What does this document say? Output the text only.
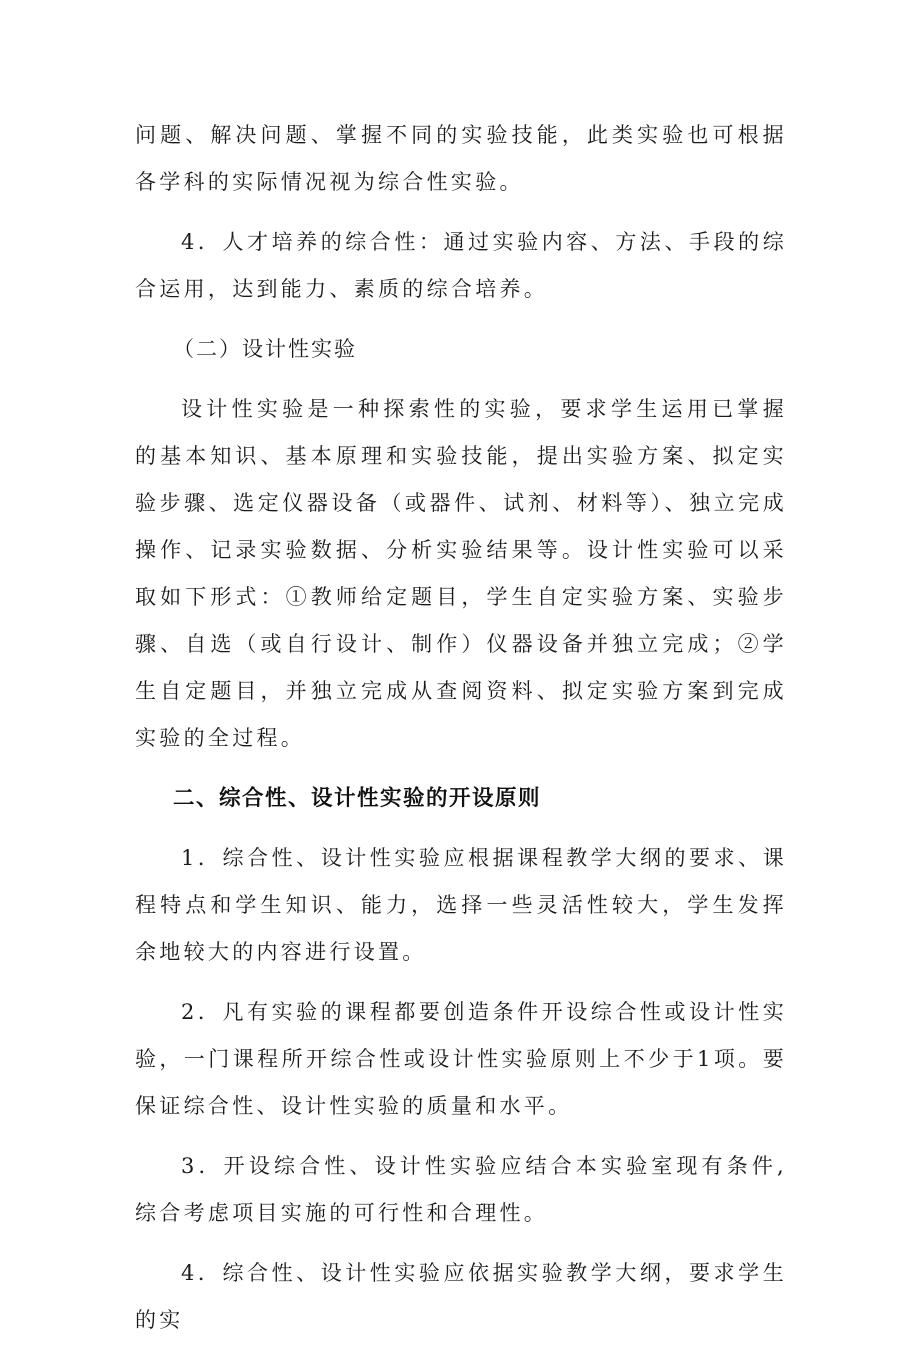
问题、解决问题、掌握不同的实验技能，此类实验也可根据各学科的实际情况视为综合性实验。

4．人才培养的综合性：通过实验内容、方法、手段的综合运用，达到能力、素质的综合培养。

（二）设计性实验

设计性实验是一种探索性的实验，要求学生运用已掌握的基本知识、基本原理和实验技能，提出实验方案、拟定实验步骤、选定仪器设备（或器件、试剂、材料等）、独立完成操作、记录实验数据、分析实验结果等。设计性实验可以采取如下形式：①教师给定题目，学生自定实验方案、实验步骤、自选（或自行设计、制作）仪器设备并独立完成；②学生自定题目，并独立完成从查阅资料、拟定实验方案到完成实验的全过程。

二、综合性、设计性实验的开设原则

1．综合性、设计性实验应根据课程教学大纲的要求、课程特点和学生知识、能力，选择一些灵活性较大，学生发挥余地较大的内容进行设置。

2．凡有实验的课程都要创造条件开设综合性或设计性实验，一门课程所开综合性或设计性实验原则上不少于1项。要保证综合性、设计性实验的质量和水平。

3．开设综合性、设计性实验应结合本实验室现有条件,综合考虑项目实施的可行性和合理性。

4．综合性、设计性实验应依据实验教学大纲，要求学生的实
